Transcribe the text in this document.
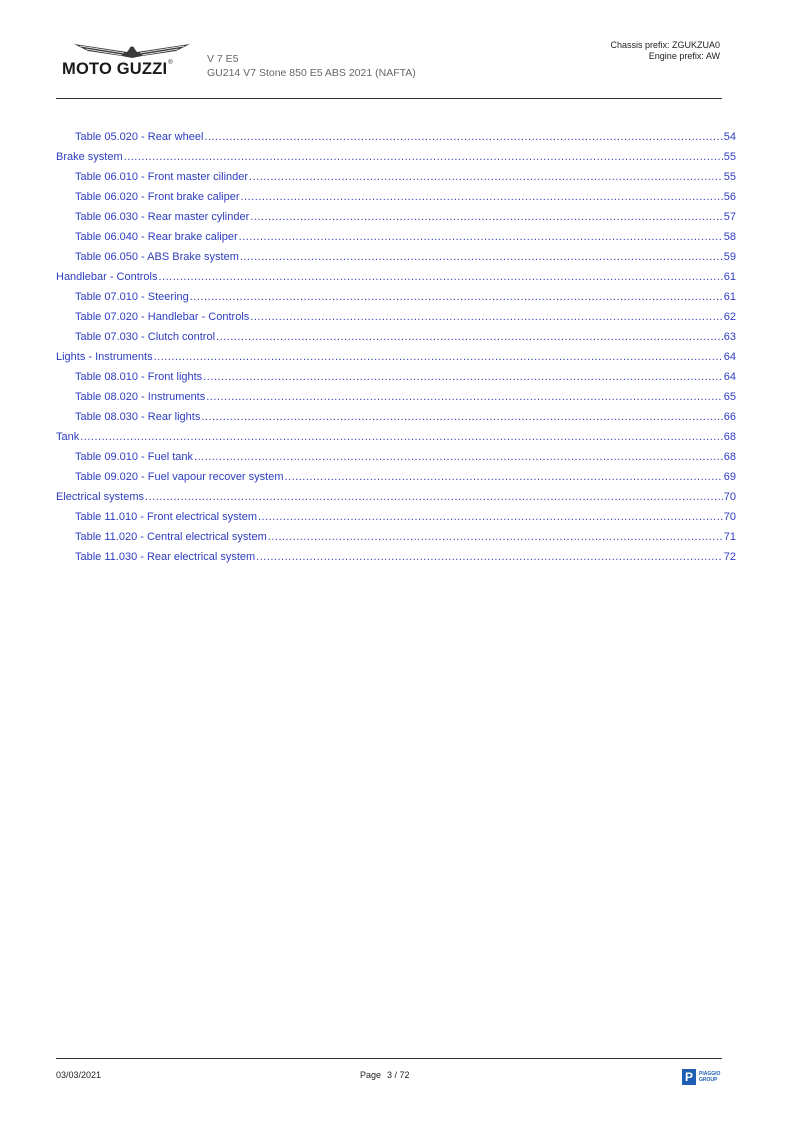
MOTO GUZZI®	V 7 E5
GU214 V7 Stone 850 E5 ABS 2021 (NAFTA)
Chassis prefix: ZGUKZUA0
Engine prefix: AW
Table 05.020 - Rear wheel .....	54
Brake system .....	55
Table 06.010 - Front master cilinder .....	55
Table 06.020 - Front brake caliper .....	56
Table 06.030 - Rear master cylinder .....	57
Table 06.040 - Rear brake caliper .....	58
Table 06.050 - ABS Brake system .....	59
Handlebar - Controls .....	61
Table 07.010 - Steering .....	61
Table 07.020 - Handlebar - Controls .....	62
Table 07.030 - Clutch control .....	63
Lights - Instruments .....	64
Table 08.010 - Front lights .....	64
Table 08.020 - Instruments .....	65
Table 08.030 - Rear lights .....	66
Tank .....	68
Table 09.010 - Fuel tank .....	68
Table 09.020 - Fuel vapour recover system .....	69
Electrical systems .....	70
Table 11.010 - Front electrical system .....	70
Table 11.020 - Central electrical system .....	71
Table 11.030 - Rear electrical system .....	72
03/03/2021	Page 3 / 72	P	PIAGGIO
GROUP
